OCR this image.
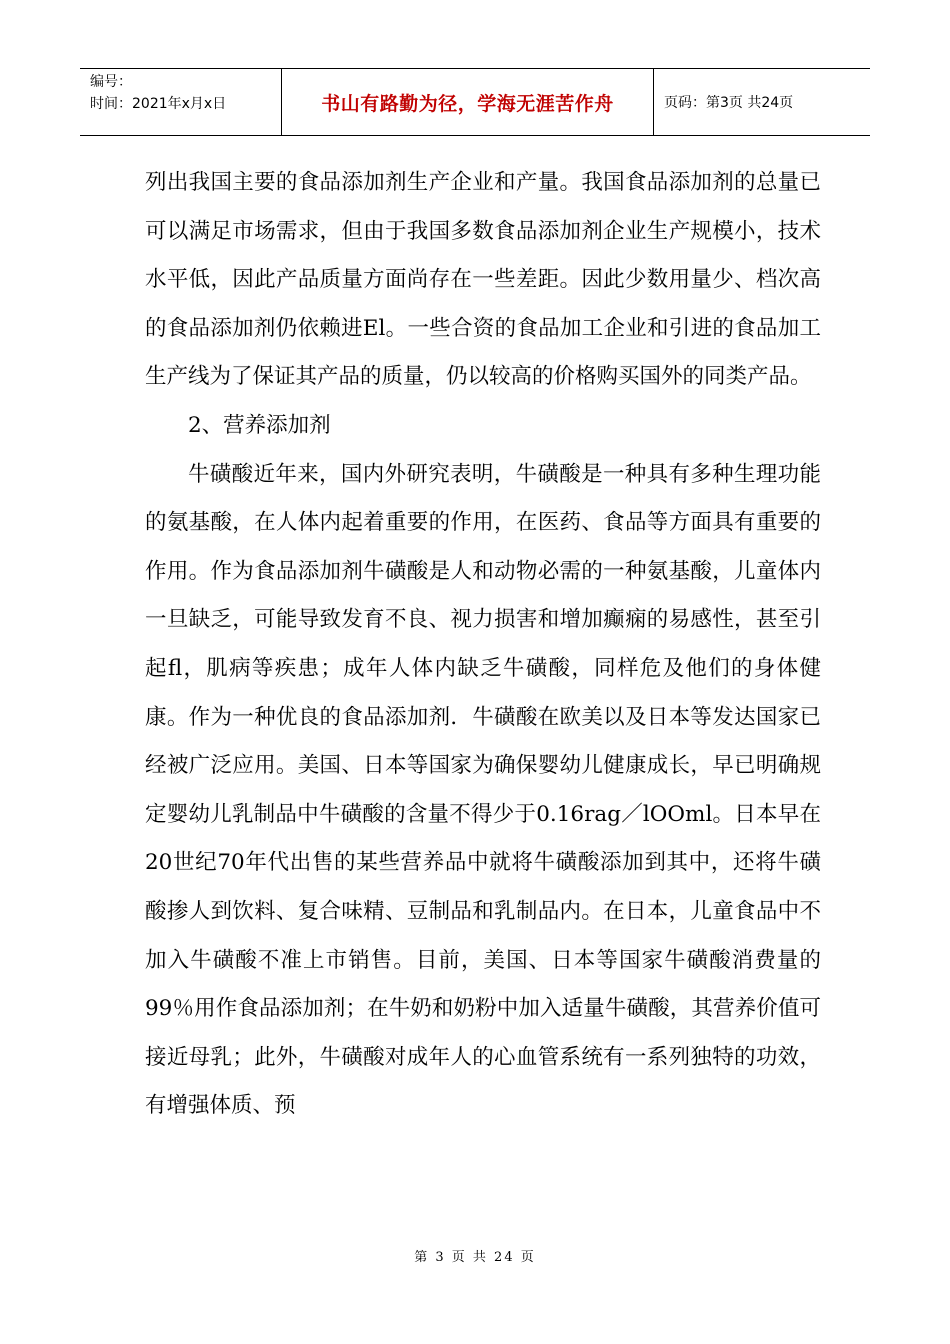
编号：
时间：2021年x月x日	书山有路勤为径，学海无涯苦作舟	页码：第3页 共24页

列出我国主要的食品添加剂生产企业和产量。我国食品添加剂的总量已可以满足市场需求，但由于我国多数食品添加剂企业生产规模小，技术水平低，因此产品质量方面尚存在一些差距。因此少数用量少、档次高的食品添加剂仍依赖进El。一些合资的食品加工企业和引进的食品加工生产线为了保证其产品的质量，仍以较高的价格购买国外的同类产品。

2、营养添加剂

牛磺酸近年来，国内外研究表明，牛磺酸是一种具有多种生理功能的氨基酸，在人体内起着重要的作用，在医药、食品等方面具有重要的作用。作为食品添加剂牛磺酸是人和动物必需的一种氨基酸，儿童体内一旦缺乏，可能导致发育不良、视力损害和增加癫痫的易感性，甚至引起fl，肌病等疾患；成年人体内缺乏牛磺酸，同样危及他们的身体健康。作为一种优良的食品添加剂．牛磺酸在欧美以及日本等发达国家已经被广泛应用。美国、日本等国家为确保婴幼儿健康成长，早已明确规定婴幼儿乳制品中牛磺酸的含量不得少于0.16rag／lOOml。日本早在20世纪70年代出售的某些营养品中就将牛磺酸添加到其中，还将牛磺酸掺人到饮料、复合味精、豆制品和乳制品内。在日本，儿童食品中不加入牛磺酸不准上市销售。目前，美国、日本等国家牛磺酸消费量的99％用作食品添加剂；在牛奶和奶粉中加入适量牛磺酸，其营养价值可接近母乳；此外，牛磺酸对成年人的心血管系统有一系列独特的功效，有增强体质、预

第 3 页 共 24 页
